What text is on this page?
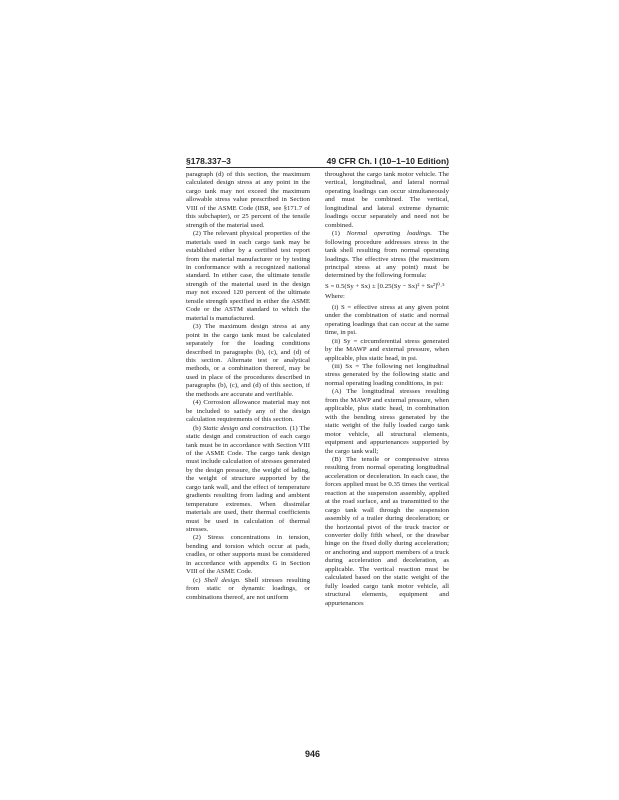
§178.337–3	49 CFR Ch. I (10–1–10 Edition)

paragraph (d) of this section, the maximum calculated design stress at any point in the cargo tank may not exceed the maximum allowable stress value prescribed in Section VIII of the ASME Code (IBR, see §171.7 of this subchapter), or 25 percent of the tensile strength of the material used.

(2) The relevant physical properties of the materials used in each cargo tank may be established either by a certified test report from the material manufacturer or by testing in conformance with a recognized national standard. In either case, the ultimate tensile strength of the material used in the design may not exceed 120 percent of the ultimate tensile strength specified in either the ASME Code or the ASTM standard to which the material is manufactured.

(3) The maximum design stress at any point in the cargo tank must be calculated separately for the loading conditions described in paragraphs (b), (c), and (d) of this section. Alternate test or analytical methods, or a combination thereof, may be used in place of the procedures described in paragraphs (b), (c), and (d) of this section, if the methods are accurate and verifiable.

(4) Corrosion allowance material may not be included to satisfy any of the design calculation requirements of this section.

(b) Static design and construction. (1) The static design and construction of each cargo tank must be in accordance with Section VIII of the ASME Code. The cargo tank design must include calculation of stresses generated by the design pressure, the weight of lading, the weight of structure supported by the cargo tank wall, and the effect of temperature gradients resulting from lading and ambient temperature extremes. When dissimilar materials are used, their thermal coefficients must be used in calculation of thermal stresses.

(2) Stress concentrations in tension, bending and torsion which occur at pads, cradles, or other supports must be considered in accordance with appendix G in Section VIII of the ASME Code.

(c) Shell design. Shell stresses resulting from static or dynamic loadings, or combinations thereof, are not uniform

throughout the cargo tank motor vehicle. The vertical, longitudinal, and lateral normal operating loadings can occur simultaneously and must be combined. The vertical, longitudinal and lateral extreme dynamic loadings occur separately and need not be combined.

(1) Normal operating loadings. The following procedure addresses stress in the tank shell resulting from normal operating loadings. The effective stress (the maximum principal stress at any point) must be determined by the following formula:

S = 0.5(Sy + Sx) ± [0.25(Sy − Sx)² + Ss²]⁰·⁵

Where:

(i) S = effective stress at any given point under the combination of static and normal operating loadings that can occur at the same time, in psi.

(ii) Sy = circumferential stress generated by the MAWP and external pressure, when applicable, plus static head, in psi.

(iii) Sx = The following net longitudinal stress generated by the following static and normal operating loading conditions, in psi:

(A) The longitudinal stresses resulting from the MAWP and external pressure, when applicable, plus static head, in combination with the bending stress generated by the static weight of the fully loaded cargo tank motor vehicle, all structural elements, equipment and appurtenances supported by the cargo tank wall;

(B) The tensile or compressive stress resulting from normal operating longitudinal acceleration or deceleration. In each case, the forces applied must be 0.35 times the vertical reaction at the suspension assembly, applied at the road surface, and as transmitted to the cargo tank wall through the suspension assembly of a trailer during deceleration; or the horizontal pivot of the truck tractor or converter dolly fifth wheel, or the drawbar hinge on the fixed dolly during acceleration; or anchoring and support members of a truck during acceleration and deceleration, as applicable. The vertical reaction must be calculated based on the static weight of the fully loaded cargo tank motor vehicle, all structural elements, equipment and appurtenances

946
